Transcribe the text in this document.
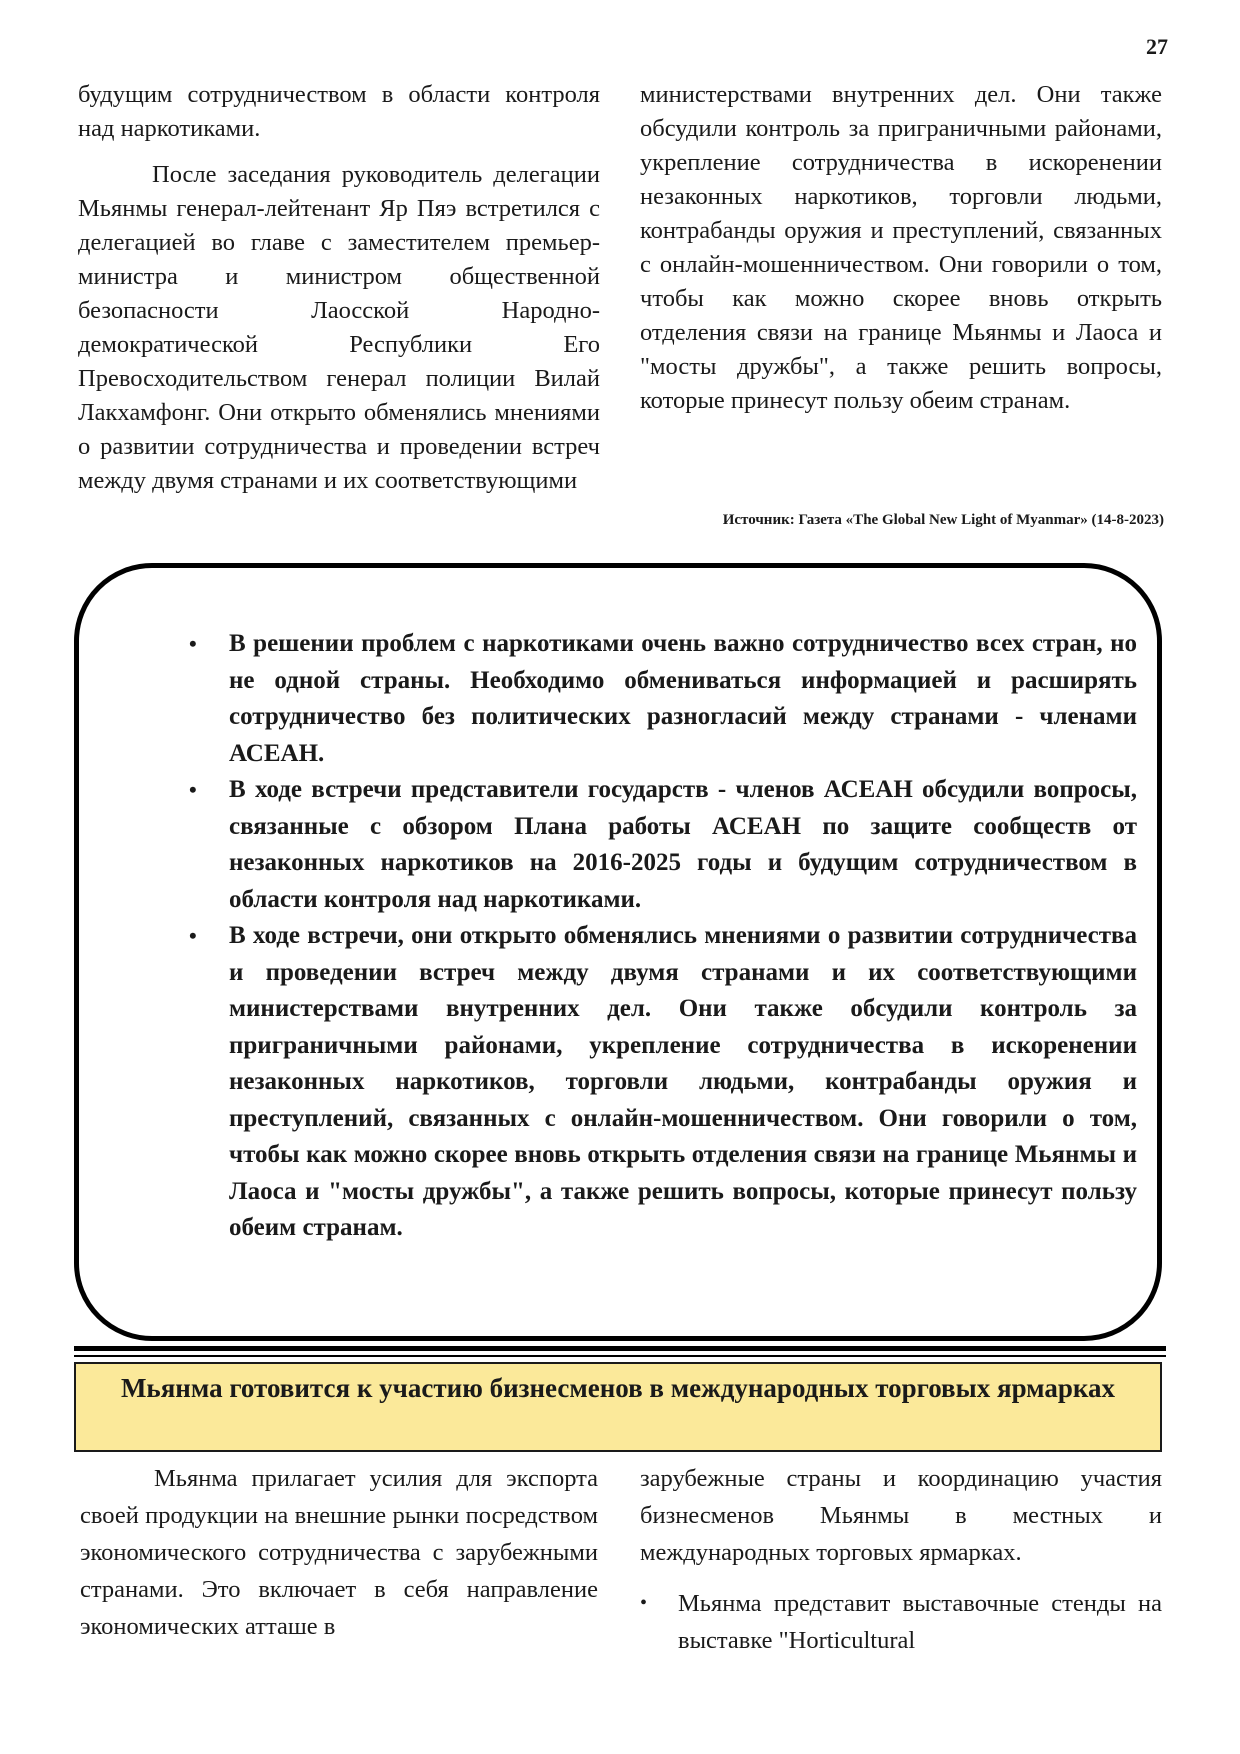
27

будущим сотрудничеством в области контроля над наркотиками.

После заседания руководитель делегации Мьянмы генерал-лейтенант Яр Пяэ встретился с делегацией во главе с заместителем премьер-министра и министром общественной безопасности Лаосской Народно-демократической Республики Его Превосходительством генерал полиции Вилай Лакхамфонг. Они открыто обменялись мнениями о развитии сотрудничества и проведении встреч между двумя странами и их соответствующими

министерствами внутренних дел. Они также обсудили контроль за приграничными районами, укрепление сотрудничества в искоренении незаконных наркотиков, торговли людьми, контрабанды оружия и преступлений, связанных с онлайн-мошенничеством. Они говорили о том, чтобы как можно скорее вновь открыть отделения связи на границе Мьянмы и Лаоса и "мосты дружбы", а также решить вопросы, которые принесут пользу обеим странам.

Источник: Газета «The Global New Light of Myanmar» (14-8-2023)
• В решении проблем с наркотиками очень важно сотрудничество всех стран, но не одной страны. Необходимо обмениваться информацией и расширять сотрудничество без политических разногласий между странами - членами АСЕАН.
• В ходе встречи представители государств - членов АСЕАН обсудили вопросы, связанные с обзором Плана работы АСЕАН по защите сообществ от незаконных наркотиков на 2016-2025 годы и будущим сотрудничеством в области контроля над наркотиками.
• В ходе встречи, они открыто обменялись мнениями о развитии сотрудничества и проведении встреч между двумя странами и их соответствующими министерствами внутренних дел. Они также обсудили контроль за приграничными районами, укрепление сотрудничества в искоренении незаконных наркотиков, торговли людьми, контрабанды оружия и преступлений, связанных с онлайн-мошенничеством. Они говорили о том, чтобы как можно скорее вновь открыть отделения связи на границе Мьянмы и Лаоса и "мосты дружбы", а также решить вопросы, которые принесут пользу обеим странам.
Мьянма готовится к участию бизнесменов в международных торговых ярмарках

Мьянма прилагает усилия для экспорта своей продукции на внешние рынки посредством экономического сотрудничества с зарубежными странами. Это включает в себя направление экономических атташе в

зарубежные страны и координацию участия бизнесменов Мьянмы в местных и международных торговых ярмарках.

• Мьянма представит выставочные стенды на выставке "Horticultural
